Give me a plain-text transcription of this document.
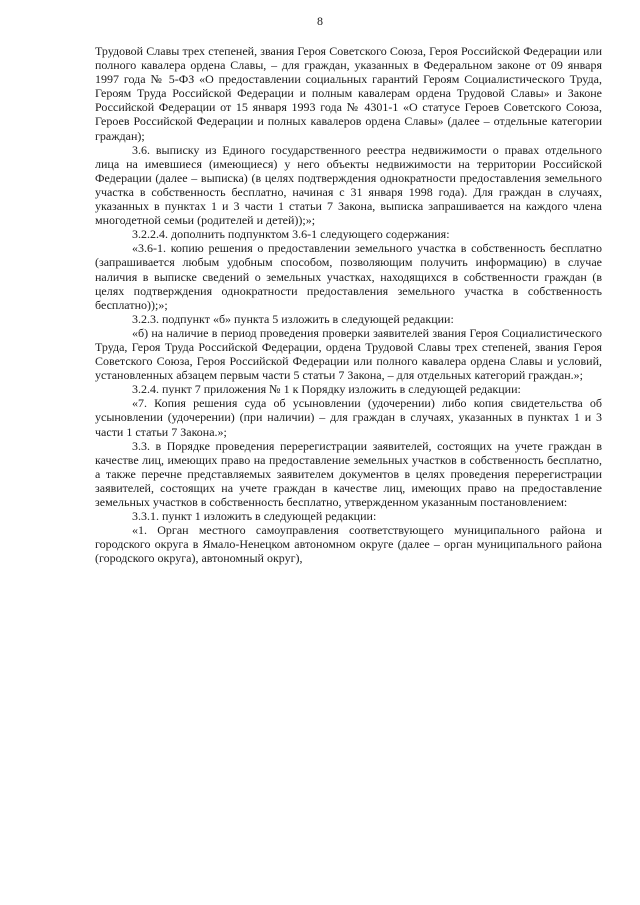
8

Трудовой Славы трех степеней, звания Героя Советского Союза, Героя Российской Федерации или полного кавалера ордена Славы, – для граждан, указанных в Федеральном законе от 09 января 1997 года № 5-ФЗ «О предоставлении социальных гарантий Героям Социалистического Труда, Героям Труда Российской Федерации и полным кавалерам ордена Трудовой Славы» и Законе Российской Федерации от 15 января 1993 года № 4301-1 «О статусе Героев Советского Союза, Героев Российской Федерации и полных кавалеров ордена Славы» (далее – отдельные категории граждан);

3.6. выписку из Единого государственного реестра недвижимости о правах отдельного лица на имевшиеся (имеющиеся) у него объекты недвижимости на территории Российской Федерации (далее – выписка) (в целях подтверждения однократности предоставления земельного участка в собственность бесплатно, начиная с 31 января 1998 года). Для граждан в случаях, указанных в пунктах 1 и 3 части 1 статьи 7 Закона, выписка запрашивается на каждого члена многодетной семьи (родителей и детей));»;

3.2.2.4. дополнить подпунктом 3.6-1 следующего содержания:

«3.6-1. копию решения о предоставлении земельного участка в собственность бесплатно (запрашивается любым удобным способом, позволяющим получить информацию) в случае наличия в выписке сведений о земельных участках, находящихся в собственности граждан (в целях подтверждения однократности предоставления земельного участка в собственность бесплатно));»;

3.2.3. подпункт «б» пункта 5 изложить в следующей редакции:

«б) на наличие в период проведения проверки заявителей звания Героя Социалистического Труда, Героя Труда Российской Федерации, ордена Трудовой Славы трех степеней, звания Героя Советского Союза, Героя Российской Федерации или полного кавалера ордена Славы и условий, установленных абзацем первым части 5 статьи 7 Закона, – для отдельных категорий граждан.»;

3.2.4. пункт 7 приложения № 1 к Порядку изложить в следующей редакции:

«7. Копия решения суда об усыновлении (удочерении) либо копия свидетельства об усыновлении (удочерении) (при наличии) – для граждан в случаях, указанных в пунктах 1 и 3 части 1 статьи 7 Закона.»;

3.3. в Порядке проведения перерегистрации заявителей, состоящих на учете граждан в качестве лиц, имеющих право на предоставление земельных участков в собственность бесплатно, а также перечне представляемых заявителем документов в целях проведения перерегистрации заявителей, состоящих на учете граждан в качестве лиц, имеющих право на предоставление земельных участков в собственность бесплатно, утвержденном указанным постановлением:

3.3.1. пункт 1 изложить в следующей редакции:

«1. Орган местного самоуправления соответствующего муниципального района и городского округа в Ямало-Ненецком автономном округе (далее – орган муниципального района (городского округа), автономный округ),
